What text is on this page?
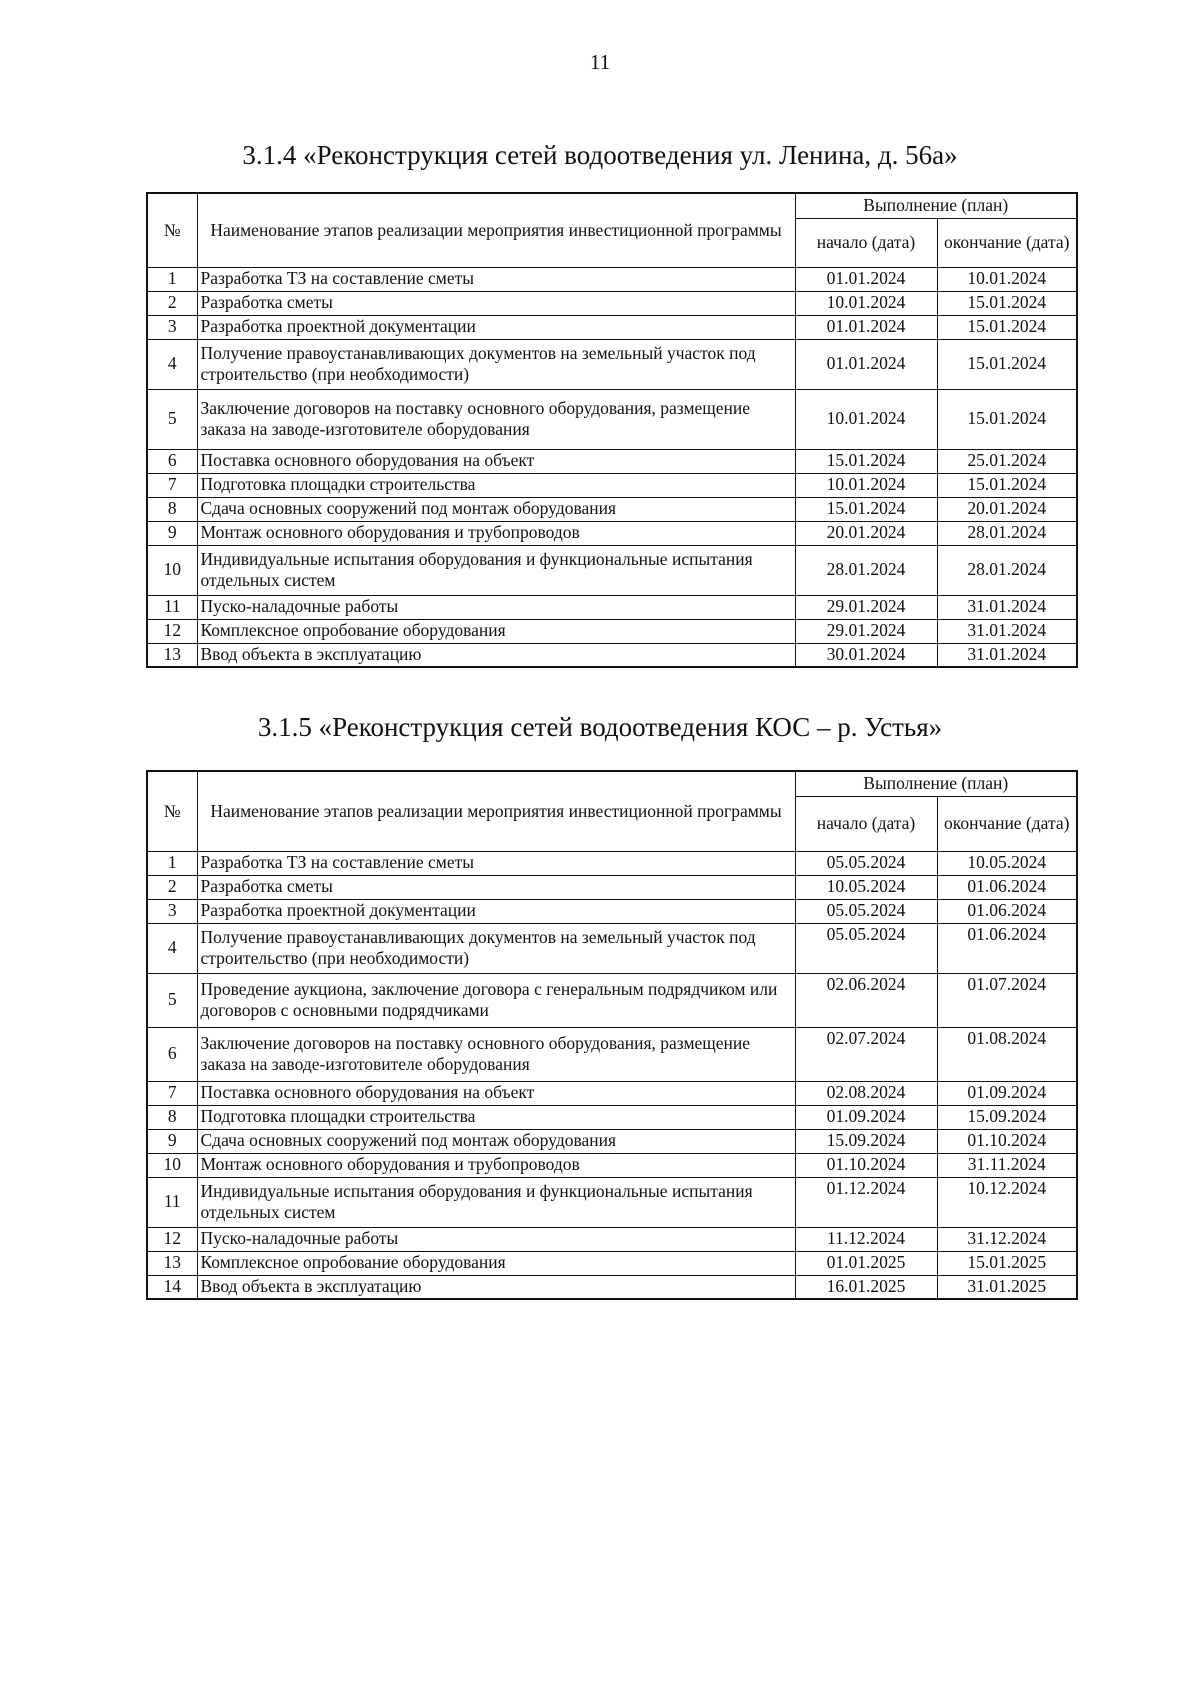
11
3.1.4 «Реконструкция сетей водоотведения ул. Ленина, д. 56а»
№	Наименование этапов реализации мероприятия инвестиционной программы	Выполнение (план)	
		начало (дата)	окончание (дата)
1	Разработка ТЗ на составление сметы	01.01.2024	10.01.2024
2	Разработка сметы	10.01.2024	15.01.2024
3	Разработка проектной документации	01.01.2024	15.01.2024
4	Получение правоустанавливающих документов на земельный участок под строительство (при необходимости)	01.01.2024	15.01.2024
5	Заключение договоров на поставку основного оборудования, размещение заказа на заводе-изготовителе оборудования	10.01.2024	15.01.2024
6	Поставка основного оборудования на объект	15.01.2024	25.01.2024
7	Подготовка площадки строительства	10.01.2024	15.01.2024
8	Сдача основных сооружений под монтаж оборудования	15.01.2024	20.01.2024
9	Монтаж основного оборудования и трубопроводов	20.01.2024	28.01.2024
10	Индивидуальные испытания оборудования и функциональные испытания отдельных систем	28.01.2024	28.01.2024
11	Пуско-наладочные работы	29.01.2024	31.01.2024
12	Комплексное опробование оборудования	29.01.2024	31.01.2024
13	Ввод объекта в эксплуатацию	30.01.2024	31.01.2024
3.1.5 «Реконструкция сетей водоотведения КОС – р. Устья»
№	Наименование этапов реализации мероприятия инвестиционной программы	Выполнение (план)	
		начало (дата)	окончание (дата)
1	Разработка ТЗ на составление сметы	05.05.2024	10.05.2024
2	Разработка сметы	10.05.2024	01.06.2024
3	Разработка проектной документации	05.05.2024	01.06.2024
4	Получение правоустанавливающих документов на земельный участок под строительство (при необходимости)	05.05.2024	01.06.2024
5	Проведение аукциона, заключение договора с генеральным подрядчиком или договоров с основными подрядчиками	02.06.2024	01.07.2024
6	Заключение договоров на поставку основного оборудования, размещение заказа на заводе-изготовителе оборудования	02.07.2024	01.08.2024
7	Поставка основного оборудования на объект	02.08.2024	01.09.2024
8	Подготовка площадки строительства	01.09.2024	15.09.2024
9	Сдача основных сооружений под монтаж оборудования	15.09.2024	01.10.2024
10	Монтаж основного оборудования и трубопроводов	01.10.2024	31.11.2024
11	Индивидуальные испытания оборудования и функциональные испытания отдельных систем	01.12.2024	10.12.2024
12	Пуско-наладочные работы	11.12.2024	31.12.2024
13	Комплексное опробование оборудования	01.01.2025	15.01.2025
14	Ввод объекта в эксплуатацию	16.01.2025	31.01.2025
